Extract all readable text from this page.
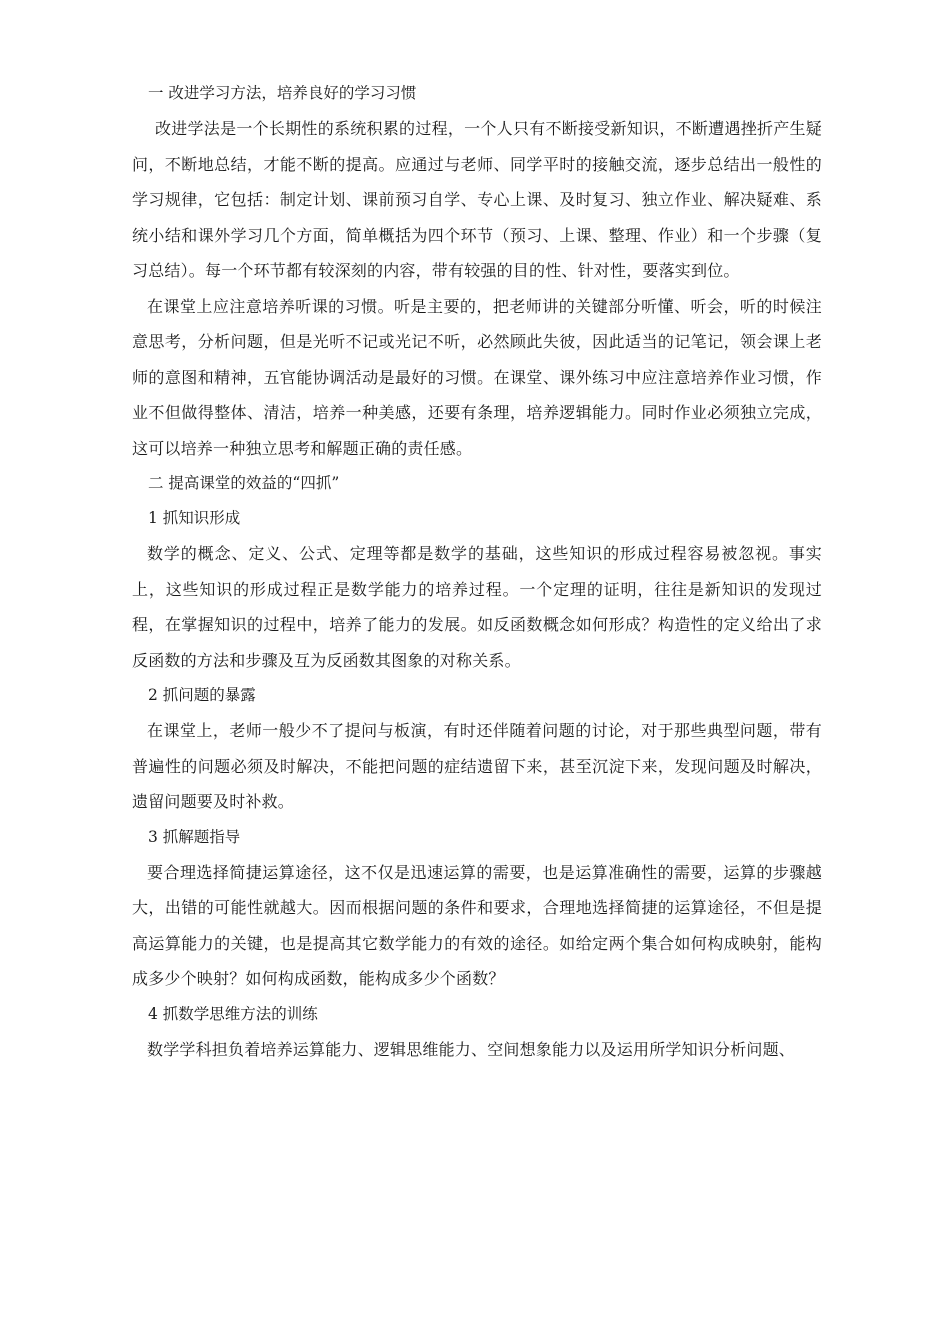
一 改进学习方法，培养良好的学习习惯

改进学法是一个长期性的系统积累的过程，一个人只有不断接受新知识，不断遭遇挫折产生疑问，不断地总结，才能不断的提高。应通过与老师、同学平时的接触交流，逐步总结出一般性的学习规律，它包括：制定计划、课前预习自学、专心上课、及时复习、独立作业、解决疑难、系统小结和课外学习几个方面，简单概括为四个环节（预习、上课、整理、作业）和一个步骤（复习总结）。每一个环节都有较深刻的内容，带有较强的目的性、针对性，要落实到位。

在课堂上应注意培养听课的习惯。听是主要的，把老师讲的关键部分听懂、听会，听的时候注意思考，分析问题，但是光听不记或光记不听，必然顾此失彼，因此适当的记笔记，领会课上老师的意图和精神，五官能协调活动是最好的习惯。在课堂、课外练习中应注意培养作业习惯，作业不但做得整体、清洁，培养一种美感，还要有条理，培养逻辑能力。同时作业必须独立完成，这可以培养一种独立思考和解题正确的责任感。

二 提高课堂的效益的“四抓”

1 抓知识形成

数学的概念、定义、公式、定理等都是数学的基础，这些知识的形成过程容易被忽视。事实上，这些知识的形成过程正是数学能力的培养过程。一个定理的证明，往往是新知识的发现过程，在掌握知识的过程中，培养了能力的发展。如反函数概念如何形成？构造性的定义给出了求反函数的方法和步骤及互为反函数其图象的对称关系。

2 抓问题的暴露

在课堂上，老师一般少不了提问与板演，有时还伴随着问题的讨论，对于那些典型问题，带有普遍性的问题必须及时解决，不能把问题的症结遗留下来，甚至沉淀下来，发现问题及时解决，遗留问题要及时补救。

3 抓解题指导

要合理选择简捷运算途径，这不仅是迅速运算的需要，也是运算准确性的需要，运算的步骤越大，出错的可能性就越大。因而根据问题的条件和要求，合理地选择简捷的运算途径，不但是提高运算能力的关键，也是提高其它数学能力的有效的途径。如给定两个集合如何构成映射，能构成多少个映射？如何构成函数，能构成多少个函数？

4 抓数学思维方法的训练

数学学科担负着培养运算能力、逻辑思维能力、空间想象能力以及运用所学知识分析问题、
